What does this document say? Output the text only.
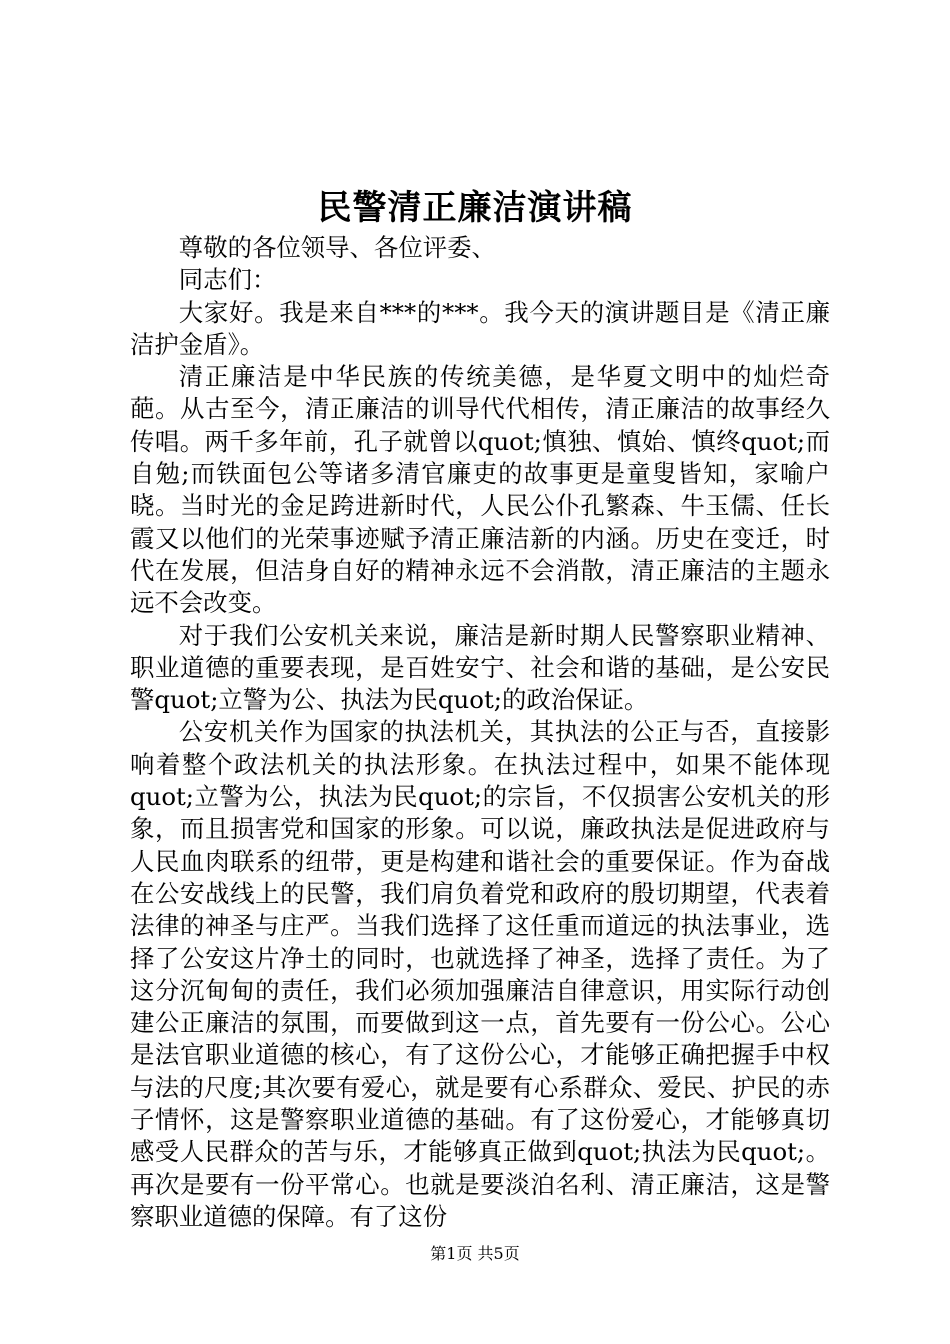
民警清正廉洁演讲稿

尊敬的各位领导、各位评委、

同志们：

大家好。我是来自***的***。我今天的演讲题目是《清正廉洁护金盾》。

清正廉洁是中华民族的传统美德，是华夏文明中的灿烂奇葩。从古至今，清正廉洁的训导代代相传，清正廉洁的故事经久传唱。两千多年前，孔子就曾以quot;慎独、慎始、慎终quot;而自勉;而铁面包公等诸多清官廉吏的故事更是童叟皆知，家喻户晓。当时光的金足跨进新时代，人民公仆孔繁森、牛玉儒、任长霞又以他们的光荣事迹赋予清正廉洁新的内涵。历史在变迁，时代在发展，但洁身自好的精神永远不会消散，清正廉洁的主题永远不会改变。

对于我们公安机关来说，廉洁是新时期人民警察职业精神、职业道德的重要表现，是百姓安宁、社会和谐的基础，是公安民警quot;立警为公、执法为民quot;的政治保证。

公安机关作为国家的执法机关，其执法的公正与否，直接影响着整个政法机关的执法形象。在执法过程中，如果不能体现quot;立警为公，执法为民quot;的宗旨，不仅损害公安机关的形象，而且损害党和国家的形象。可以说，廉政执法是促进政府与人民血肉联系的纽带，更是构建和谐社会的重要保证。作为奋战在公安战线上的民警，我们肩负着党和政府的殷切期望，代表着法律的神圣与庄严。当我们选择了这任重而道远的执法事业，选择了公安这片净土的同时，也就选择了神圣，选择了责任。为了这分沉甸甸的责任，我们必须加强廉洁自律意识，用实际行动创建公正廉洁的氛围，而要做到这一点，首先要有一份公心。公心是法官职业道德的核心，有了这份公心，才能够正确把握手中权与法的尺度;其次要有爱心，就是要有心系群众、爱民、护民的赤子情怀，这是警察职业道德的基础。有了这份爱心，才能够真切感受人民群众的苦与乐，才能够真正做到quot;执法为民quot;。再次是要有一份平常心。也就是要淡泊名利、清正廉洁，这是警察职业道德的保障。有了这份

第1页 共5页
